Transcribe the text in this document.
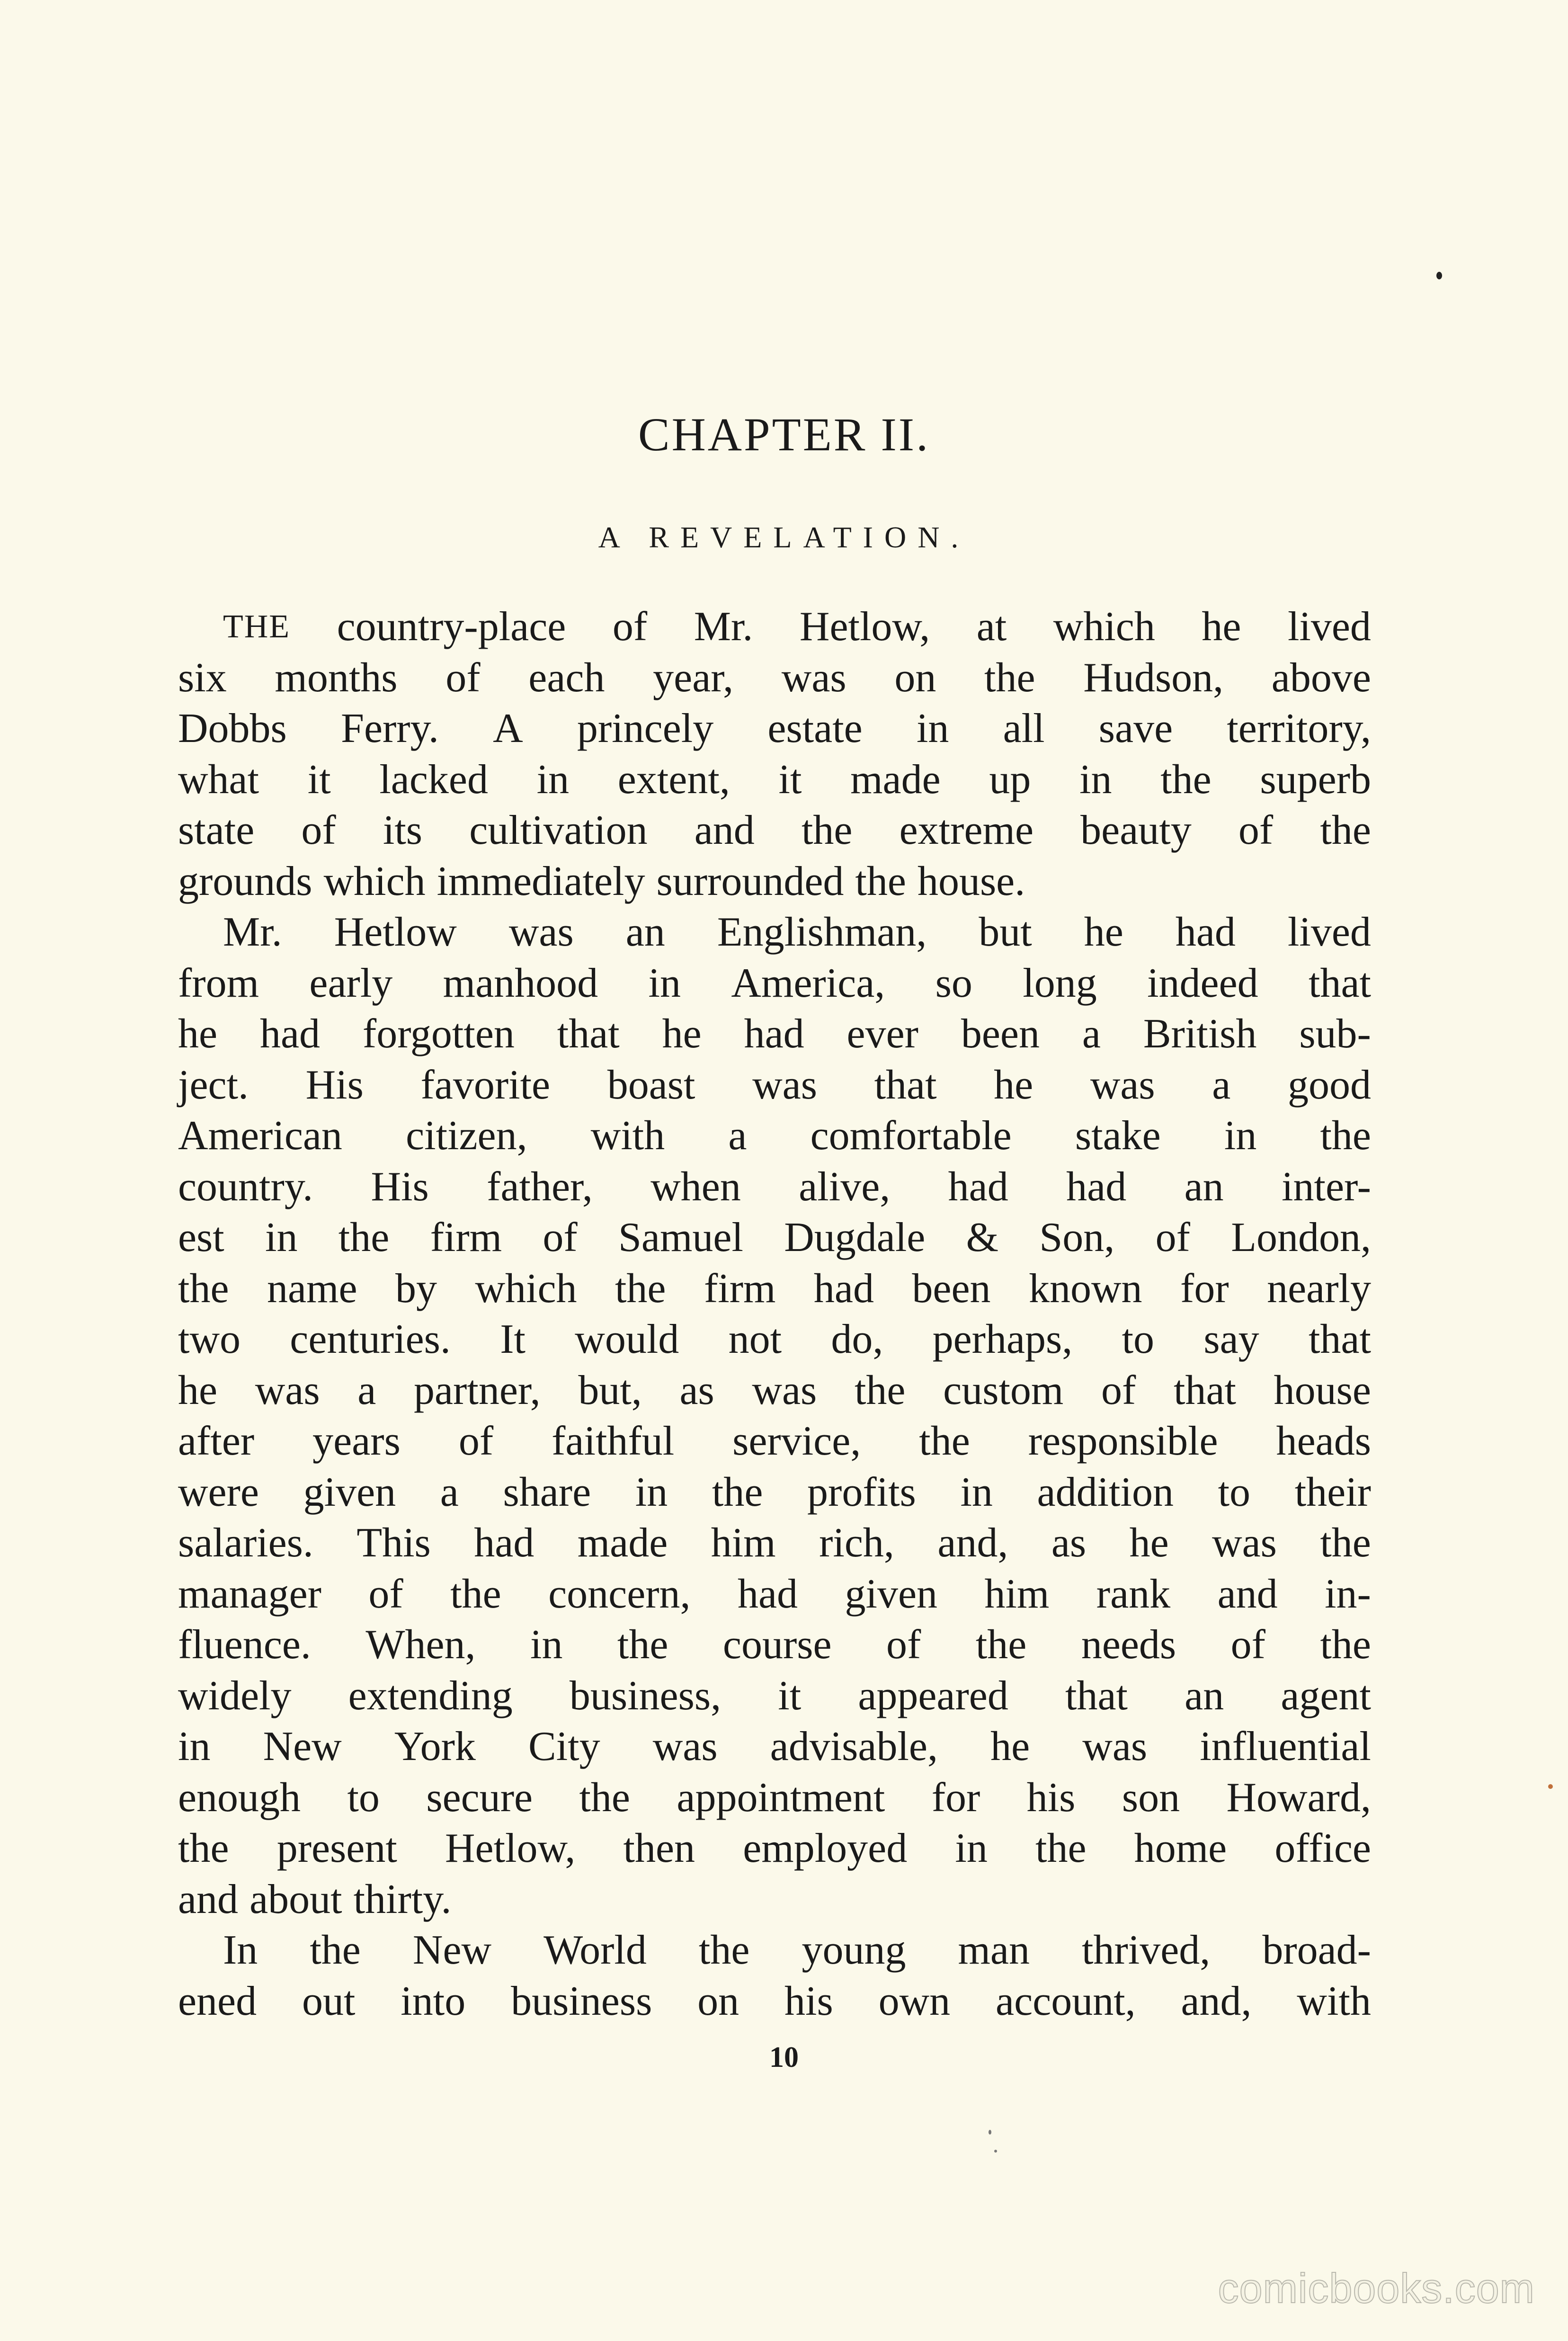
CHAPTER II.
A REVELATION.
THE country-place of Mr. Hetlow, at which he lived
six months of each year, was on the Hudson, above
Dobbs Ferry. A princely estate in all save territory,
what it lacked in extent, it made up in the superb
state of its cultivation and the extreme beauty of the
grounds which immediately surrounded the house.
Mr. Hetlow was an Englishman, but he had lived
from early manhood in America, so long indeed that
he had forgotten that he had ever been a British sub-
ject. His favorite boast was that he was a good
American citizen, with a comfortable stake in the
country. His father, when alive, had had an inter-
est in the firm of Samuel Dugdale & Son, of London,
the name by which the firm had been known for nearly
two centuries. It would not do, perhaps, to say that
he was a partner, but, as was the custom of that house
after years of faithful service, the responsible heads
were given a share in the profits in addition to their
salaries. This had made him rich, and, as he was the
manager of the concern, had given him rank and in-
fluence. When, in the course of the needs of the
widely extending business, it appeared that an agent
in New York City was advisable, he was influential
enough to secure the appointment for his son Howard,
the present Hetlow, then employed in the home office
and about thirty.
In the New World the young man thrived, broad-
ened out into business on his own account, and, with
10
comicbooks.com
